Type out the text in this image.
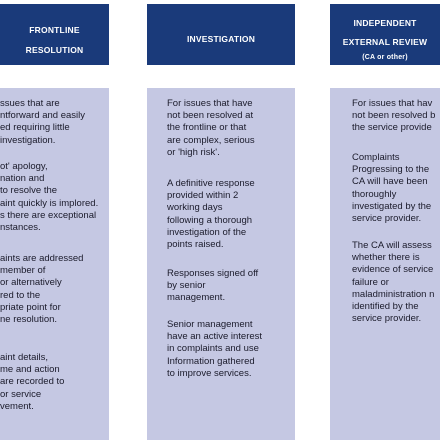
FRONTLINE
RESOLUTION
ssues that are
ntforward and easily
ed requiring little
investigation.
ot' apology,
nation and
to resolve the
aint quickly is implored.
s there are exceptional
nstances.
aints are addressed
member of
or alternatively
red to the
priate point for
ne resolution.
aint details,
me and action
are recorded to
or service
vement.
INVESTIGATION
For issues that have
not been resolved at
the frontline or that
are complex, serious
or 'high risk'.
A definitive response
provided within 2
working days
following a thorough
investigation of the
points raised.
Responses signed off
by senior
management.
Senior management
have an active interest
in complaints and use
Information gathered
to improve services.
INDEPENDENT
EXTERNAL REVIEW
(CA or other)
For issues that hav
not been resolved b
the service provide
Complaints
Progressing to the
CA will have been
thoroughly
investigated by the
service provider.
The CA will assess
whether there is
evidence of service
failure or
maladministration n
identified by the
service provider.
